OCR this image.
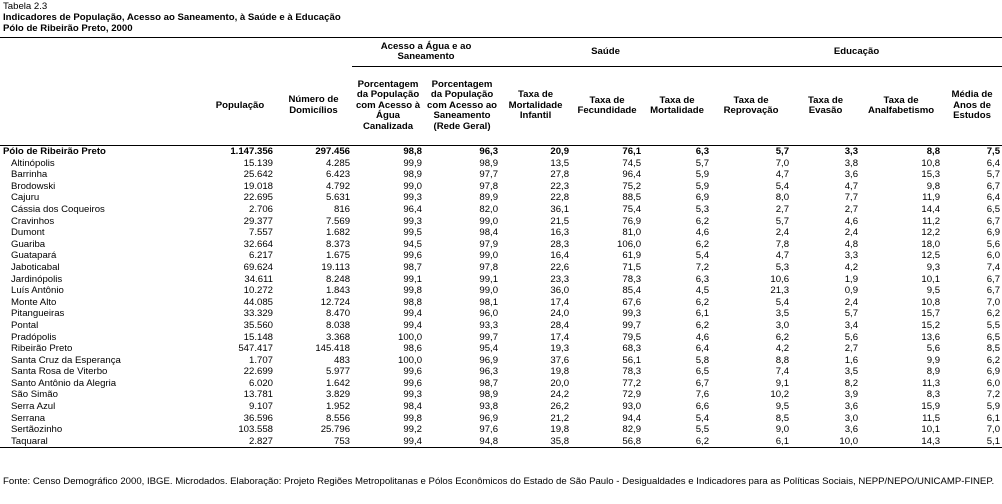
Tabela 2.3
Indicadores de População, Acesso ao Saneamento, à Saúde e à Educação
Pólo de Ribeirão Preto, 2000
			Acesso a Água e ao Saneamento		Saúde			Educação			
	População	Número de Domicílios	Porcentagem da População com Acesso à Água Canalizada	Porcentagem da População com Acesso ao Saneamento (Rede Geral)	Taxa de Mortalidade Infantil	Taxa de Fecundidade	Taxa de Mortalidade	Taxa de Reprovação	Taxa de Evasão	Taxa de Analfabetismo	Média de Anos de Estudos
Pólo de Ribeirão Preto	1.147.356	297.456	98,8	96,3	20,9	76,1	6,3	5,7	3,3	8,8	7,5
Altinópolis	15.139	4.285	99,9	98,9	13,5	74,5	5,7	7,0	3,8	10,8	6,4
Barrinha	25.642	6.423	98,9	97,7	27,8	96,4	5,9	4,7	3,6	15,3	5,7
Brodowski	19.018	4.792	99,0	97,8	22,3	75,2	5,9	5,4	4,7	9,8	6,7
Cajuru	22.695	5.631	99,3	89,9	22,8	88,5	6,9	8,0	7,7	11,9	6,4
Cássia dos Coqueiros	2.706	816	96,4	82,0	36,1	75,4	5,3	2,7	2,7	14,4	6,5
Cravinhos	29.377	7.569	99,3	99,0	21,5	76,9	6,2	5,7	4,6	11,2	6,7
Dumont	7.557	1.682	99,5	98,4	16,3	81,0	4,6	2,4	2,4	12,2	6,9
Guariba	32.664	8.373	94,5	97,9	28,3	106,0	6,2	7,8	4,8	18,0	5,6
Guatapará	6.217	1.675	99,6	99,0	16,4	61,9	5,4	4,7	3,3	12,5	6,0
Jaboticabal	69.624	19.113	98,7	97,8	22,6	71,5	7,2	5,3	4,2	9,3	7,4
Jardinópolis	34.611	8.248	99,1	99,1	23,3	78,3	6,3	10,6	1,9	10,1	6,7
Luís Antônio	10.272	1.843	99,8	99,0	36,0	85,4	4,5	21,3	0,9	9,5	6,7
Monte Alto	44.085	12.724	98,8	98,1	17,4	67,6	6,2	5,4	2,4	10,8	7,0
Pitangueiras	33.329	8.470	99,4	96,0	24,0	99,3	6,1	3,5	5,7	15,7	6,2
Pontal	35.560	8.038	99,4	93,3	28,4	99,7	6,2	3,0	3,4	15,2	5,5
Pradópolis	15.148	3.368	100,0	99,7	17,4	79,5	4,6	6,2	5,6	13,6	6,5
Ribeirão Preto	547.417	145.418	98,6	95,4	19,3	68,3	6,4	4,2	2,7	5,6	8,5
Santa Cruz da Esperança	1.707	483	100,0	96,9	37,6	56,1	5,8	8,8	1,6	9,9	6,2
Santa Rosa de Viterbo	22.699	5.977	99,6	96,3	19,8	78,3	6,5	7,4	3,5	8,9	6,9
Santo Antônio da Alegria	6.020	1.642	99,6	98,7	20,0	77,2	6,7	9,1	8,2	11,3	6,0
São Simão	13.781	3.829	99,3	98,9	24,2	72,9	7,6	10,2	3,9	8,3	7,2
Serra Azul	9.107	1.952	98,4	93,8	26,2	93,0	6,6	9,5	3,6	15,9	5,9
Serrana	36.596	8.556	99,8	96,9	21,2	94,4	5,4	8,5	3,0	11,5	6,1
Sertãozinho	103.558	25.796	99,2	97,6	19,8	82,9	5,5	9,0	3,6	10,1	7,0
Taquaral	2.827	753	99,4	94,8	35,8	56,8	6,2	6,1	10,0	14,3	5,1
Fonte: Censo Demográfico 2000, IBGE. Microdados. Elaboração: Projeto Regiões Metropolitanas e Pólos Econômicos do Estado de São Paulo - Desigualdades e Indicadores para as Políticas Sociais, NEPP/NEPO/UNICAMP-FINEP.
